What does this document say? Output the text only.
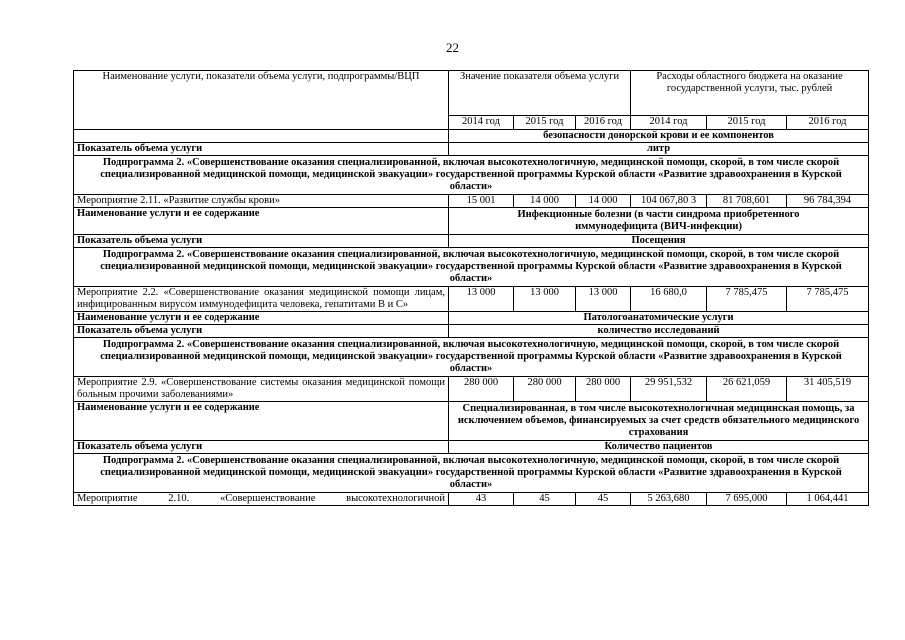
22
Наименование услуги, показатели объема услуги, подпрограммы/ВЦП	Значение показателя объема услуги			Расходы областного бюджета на оказание государственной услуги, тыс. рублей		
	2014 год	2015 год	2016 год	2014 год	2015 год	2016 год
	безопасности донорской крови и ее компонентов					
Показатель объема услуги	литр					
Подпрограмма 2. «Совершенствование оказания специализированной, включая высокотехнологичную, медицинской помощи, скорой, в том числе скорой специализированной медицинской помощи, медицинской эвакуации» государственной программы Курской области «Развитие здравоохранения в Курской области»						
Мероприятие 2.11. «Развитие службы крови»	15 001	14 000	14 000	104 067,80 3	81 708,601	96 784,394
Наименование услуги и ее содержание	Инфекционные болезни (в части синдрома приобретенного иммунодефицита (ВИЧ-инфекции)					
Показатель объема услуги	Посещения					
Подпрограмма 2. «Совершенствование оказания специализированной, включая высокотехнологичную, медицинской помощи, скорой, в том числе скорой специализированной медицинской помощи, медицинской эвакуации» государственной программы Курской области «Развитие здравоохранения в Курской области»						
Мероприятие 2.2. «Совершенствование оказания медицинской помощи лицам, инфицированным вирусом иммунодефицита человека, гепатитами В и С»	13 000	13 000	13 000	16 680,0	7 785,475	7 785,475
Наименование услуги и ее содержание	Патологоанатомические услуги					
Показатель объема услуги	количество исследований					
Подпрограмма 2. «Совершенствование оказания специализированной, включая высокотехнологичную, медицинской помощи, скорой, в том числе скорой специализированной медицинской помощи, медицинской эвакуации» государственной программы Курской области «Развитие здравоохранения в Курской области»						
Мероприятие 2.9. «Совершенствование системы оказания медицинской помощи больным прочими заболеваниями»	280 000	280 000	280 000	29 951,532	26 621,059	31 405,519
Наименование услуги и ее содержание	Специализированная, в том числе высокотехнологичная медицинская помощь, за исключением объемов, финансируемых за счет средств обязательного медицинского страхования					
Показатель объема услуги	Количество пациентов					
Подпрограмма 2. «Совершенствование оказания специализированной, включая высокотехнологичную, медицинской помощи, скорой, в том числе скорой специализированной медицинской помощи, медицинской эвакуации» государственной программы Курской области «Развитие здравоохранения в Курской области»						
Мероприятие 2.10. «Совершенствование высокотехнологичной	43	45	45	5 263,680	7 695,000	1 064,441
